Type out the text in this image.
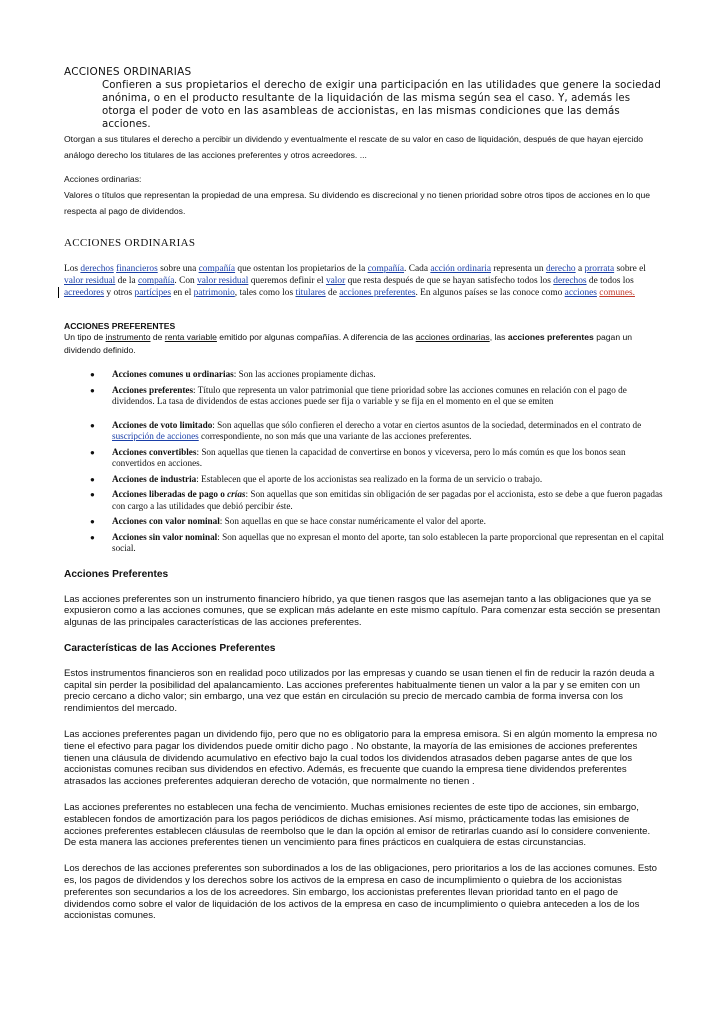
ACCIONES ORDINARIAS

Confieren a sus propietarios el derecho de exigir una participación en las utilidades que genere la sociedad anónima, o en el producto resultante de la liquidación de las misma según sea el caso. Y, además les otorga el poder de voto en las asambleas de accionistas, en las mismas condiciones que las demás acciones.

Otorgan a sus titulares el derecho a percibir un dividendo y eventualmente el rescate de su valor en caso de liquidación, después de que hayan ejercido análogo derecho los titulares de las acciones preferentes y otros acreedores. ...

Acciones ordinarias:

Valores o títulos que representan la propiedad de una empresa. Su dividendo es discrecional y no tienen prioridad sobre otros tipos de acciones en lo que respecta al pago de dividendos.

ACCIONES ORDINARIAS

Los derechos financieros sobre una compañía que ostentan los propietarios de la compañía. Cada acción ordinaria representa un derecho a prorrata sobre el valor residual de la compañía. Con valor residual queremos definir el valor que resta después de que se hayan satisfecho todos los derechos de todos los acreedores y otros partícipes en el patrimonio, tales como los titulares de acciones preferentes. En algunos países se las conoce como acciones comunes.

ACCIONES PREFERENTES

Un tipo de instrumento de renta variable emitido por algunas compañías. A diferencia de las acciones ordinarias, las acciones preferentes pagan un dividendo definido.

● Acciones comunes u ordinarias: Son las acciones propiamente dichas.
● Acciones preferentes: Título que representa un valor patrimonial que tiene prioridad sobre las acciones comunes en relación con el pago de dividendos. La tasa de dividendos de estas acciones puede ser fija o variable y se fija en el momento en el que se emiten
● Acciones de voto limitado: Son aquellas que sólo confieren el derecho a votar en ciertos asuntos de la sociedad, determinados en el contrato de suscripción de acciones correspondiente, no son más que una variante de las acciones preferentes.
● Acciones convertibles: Son aquellas que tienen la capacidad de convertirse en bonos y viceversa, pero lo más común es que los bonos sean convertidos en acciones.
● Acciones de industria: Establecen que el aporte de los accionistas sea realizado en la forma de un servicio o trabajo.
● Acciones liberadas de pago o crías: Son aquellas que son emitidas sin obligación de ser pagadas por el accionista, esto se debe a que fueron pagadas con cargo a las utilidades que debió percibir éste.
● Acciones con valor nominal: Son aquellas en que se hace constar numéricamente el valor del aporte.
● Acciones sin valor nominal: Son aquellas que no expresan el monto del aporte, tan solo establecen la parte proporcional que representan en el capital social.

Acciones Preferentes

Las acciones preferentes son un instrumento financiero híbrido, ya que tienen rasgos que las asemejan tanto a las obligaciones que ya se expusieron como a las acciones comunes, que se explican más adelante en este mismo capítulo. Para comenzar esta sección se presentan algunas de las principales características de las acciones preferentes.

Características de las Acciones Preferentes

Estos instrumentos financieros son en realidad poco utilizados por las empresas y cuando se usan tienen el fin de reducir la razón deuda a capital sin perder la posibilidad del apalancamiento. Las acciones preferentes habitualmente tienen un valor a la par y se emiten con un precio cercano a dicho valor; sin embargo, una vez que están en circulación su precio de mercado cambia de forma inversa con los rendimientos del mercado.

Las acciones preferentes pagan un dividendo fijo, pero que no es obligatorio para la empresa emisora. Si en algún momento la empresa no tiene el efectivo para pagar los dividendos puede omitir dicho pago . No obstante, la mayoría de las emisiones de acciones preferentes tienen una cláusula de dividendo acumulativo en efectivo bajo la cual todos los dividendos atrasados deben pagarse antes de que los accionistas comunes reciban sus dividendos en efectivo. Además, es frecuente que cuando la empresa tiene dividendos preferentes atrasados las acciones preferentes adquieran derecho de votación, que normalmente no tienen .

Las acciones preferentes no establecen una fecha de vencimiento. Muchas emisiones recientes de este tipo de acciones, sin embargo, establecen fondos de amortización para los pagos periódicos de dichas emisiones. Así mismo, prácticamente todas las emisiones de acciones preferentes establecen cláusulas de reembolso que le dan la opción al emisor de retirarlas cuando así lo considere conveniente. De esta manera las acciones preferentes tienen un vencimiento para fines prácticos en cualquiera de estas circunstancias.

Los derechos de las acciones preferentes son subordinados a los de las obligaciones, pero prioritarios a los de las acciones comunes. Esto es, los pagos de dividendos y los derechos sobre los activos de la empresa en caso de incumplimiento o quiebra de los accionistas preferentes son secundarios a los de los acreedores. Sin embargo, los accionistas preferentes llevan prioridad tanto en el pago de dividendos como sobre el valor de liquidación de los activos de la empresa en caso de incumplimiento o quiebra anteceden a los de los accionistas comunes.
